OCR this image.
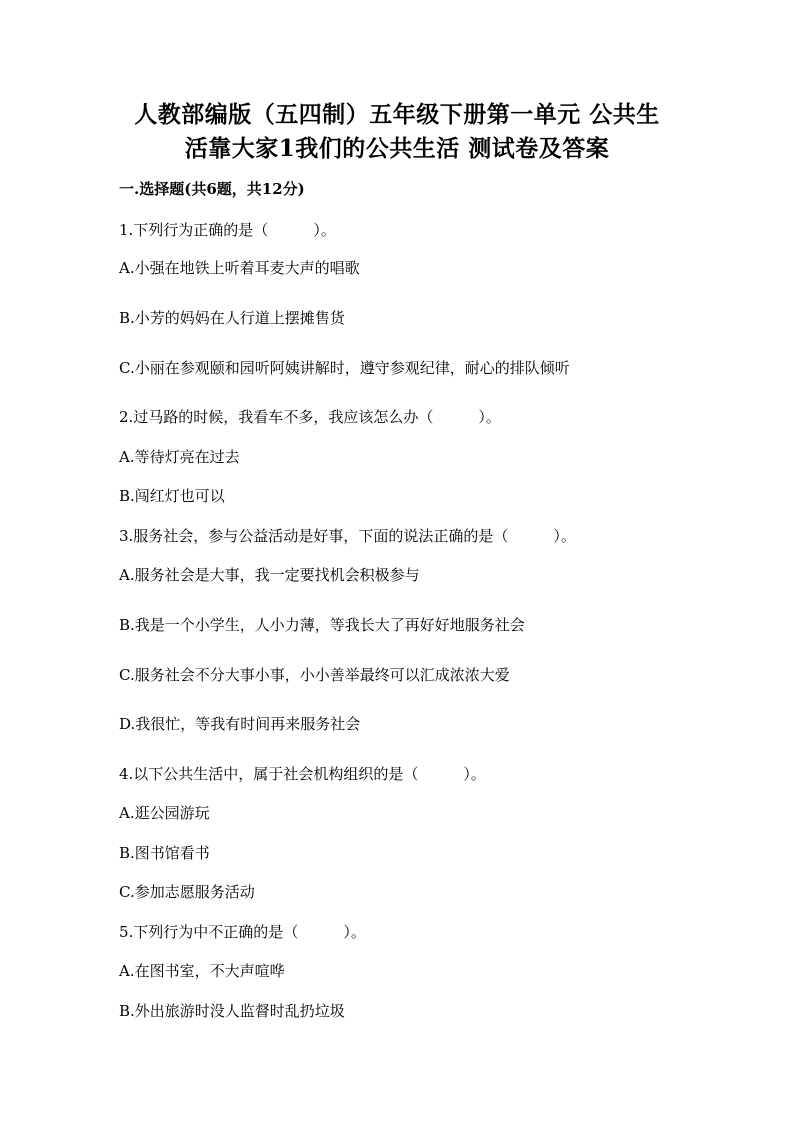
人教部编版（五四制）五年级下册第一单元 公共生
活靠大家1我们的公共生活 测试卷及答案
一.选择题(共6题，共12分)
1.下列行为正确的是（　　　）。
A.小强在地铁上听着耳麦大声的唱歌
B.小芳的妈妈在人行道上摆摊售货
C.小丽在参观颐和园听阿姨讲解时，遵守参观纪律，耐心的排队倾听
2.过马路的时候，我看车不多，我应该怎么办（　　　）。
A.等待灯亮在过去
B.闯红灯也可以
3.服务社会，参与公益活动是好事，下面的说法正确的是（　　　）。
A.服务社会是大事，我一定要找机会积极参与
B.我是一个小学生，人小力薄，等我长大了再好好地服务社会
C.服务社会不分大事小事，小小善举最终可以汇成浓浓大爱
D.我很忙，等我有时间再来服务社会
4.以下公共生活中，属于社会机构组织的是（　　　）。
A.逛公园游玩
B.图书馆看书
C.参加志愿服务活动
5.下列行为中不正确的是（　　　）。
A.在图书室，不大声喧哗
B.外出旅游时没人监督时乱扔垃圾
